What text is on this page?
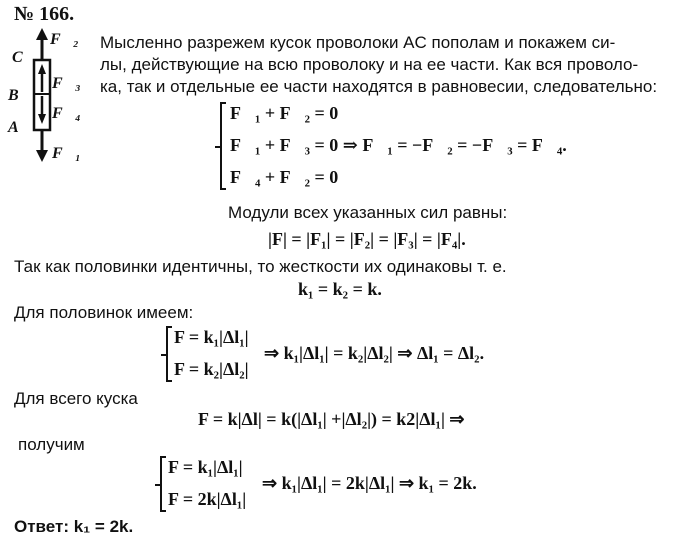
№ 166.
C
B
A
F⃗₂
F⃗₃
F⃗₄
F⃗₁
Мысленно разрежем кусок проволоки AC пополам и покажем си-
лы, действующие на всю проволоку и на ее части. Как вся проволо-
ка, так и отдельные ее части находятся в равновесии, следовательно:
F⃗₁ + F⃗₂ = 0
F⃗₁ + F⃗₃ = 0 ⇒ F⃗₁ = −F⃗₂ = −F⃗₃ = F⃗₄.
F⃗₄ + F⃗₂ = 0
Модули всех указанных сил равны:
|F| = |F₁| = |F₂| = |F₃| = |F₄|.
Так как половинки идентичны, то жесткости их одинаковы т. е.
k₁ = k₂ = k.
Для половинок имеем:
F = k₁|Δl₁|
F = k₂|Δl₂|
⇒ k₁|Δl₁| = k₂|Δl₂| ⇒ Δl₁ = Δl₂.
Для всего куска
F = k|Δl| = k(|Δl₁| +|Δl₂|) = k2|Δl₁| ⇒
получим
F = k₁|Δl₁|
F = 2k|Δl₁|
⇒ k₁|Δl₁| = 2k|Δl₁| ⇒ k₁ = 2k.
Ответ: k₁ = 2k.
